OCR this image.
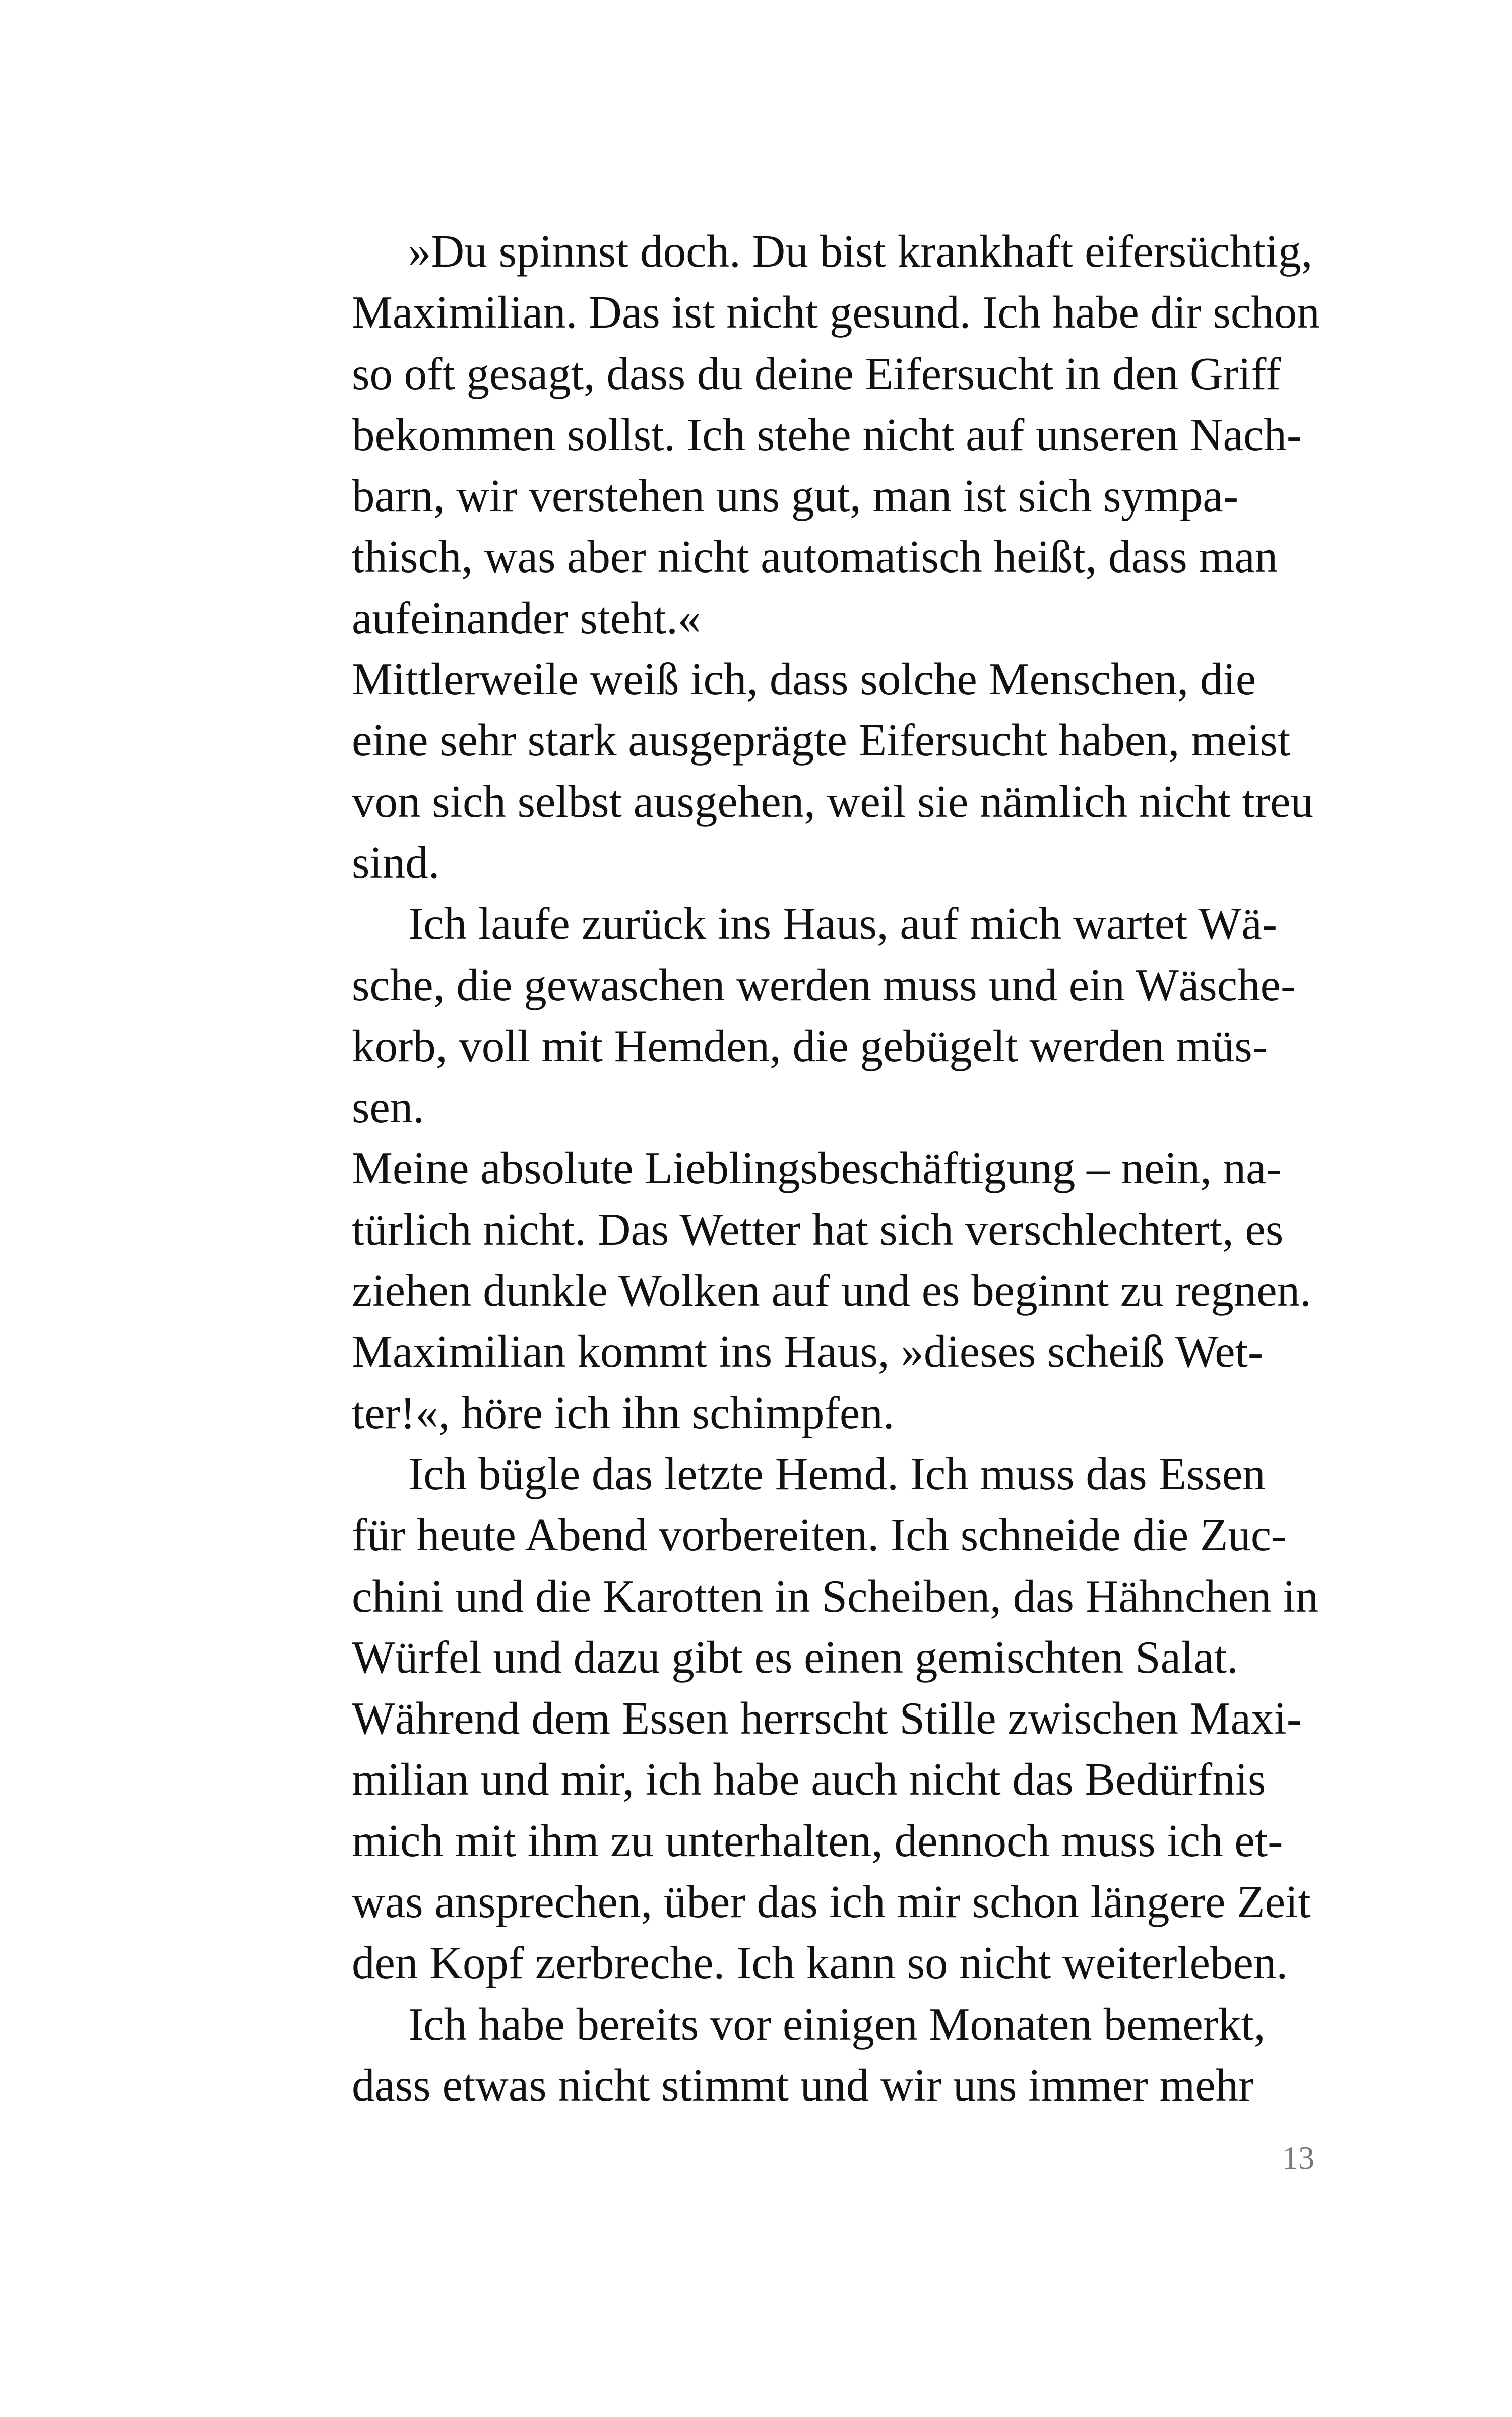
»Du spinnst doch. Du bist krankhaft eifersüchtig,
Maximilian. Das ist nicht gesund. Ich habe dir schon
so oft gesagt, dass du deine Eifersucht in den Griff
bekommen sollst. Ich stehe nicht auf unseren Nach-
barn, wir verstehen uns gut, man ist sich sympa-
thisch, was aber nicht automatisch heißt, dass man
aufeinander steht.«
Mittlerweile weiß ich, dass solche Menschen, die
eine sehr stark ausgeprägte Eifersucht haben, meist
von sich selbst ausgehen, weil sie nämlich nicht treu
sind.
Ich laufe zurück ins Haus, auf mich wartet Wä-
sche, die gewaschen werden muss und ein Wäsche-
korb, voll mit Hemden, die gebügelt werden müs-
sen.
Meine absolute Lieblingsbeschäftigung – nein, na-
türlich nicht. Das Wetter hat sich verschlechtert, es
ziehen dunkle Wolken auf und es beginnt zu regnen.
Maximilian kommt ins Haus, »dieses scheiß Wet-
ter!«, höre ich ihn schimpfen.
Ich bügle das letzte Hemd. Ich muss das Essen
für heute Abend vorbereiten. Ich schneide die Zuc-
chini und die Karotten in Scheiben, das Hähnchen in
Würfel und dazu gibt es einen gemischten Salat.
Während dem Essen herrscht Stille zwischen Maxi-
milian und mir, ich habe auch nicht das Bedürfnis
mich mit ihm zu unterhalten, dennoch muss ich et-
was ansprechen, über das ich mir schon längere Zeit
den Kopf zerbreche. Ich kann so nicht weiterleben.
Ich habe bereits vor einigen Monaten bemerkt,
dass etwas nicht stimmt und wir uns immer mehr
13
